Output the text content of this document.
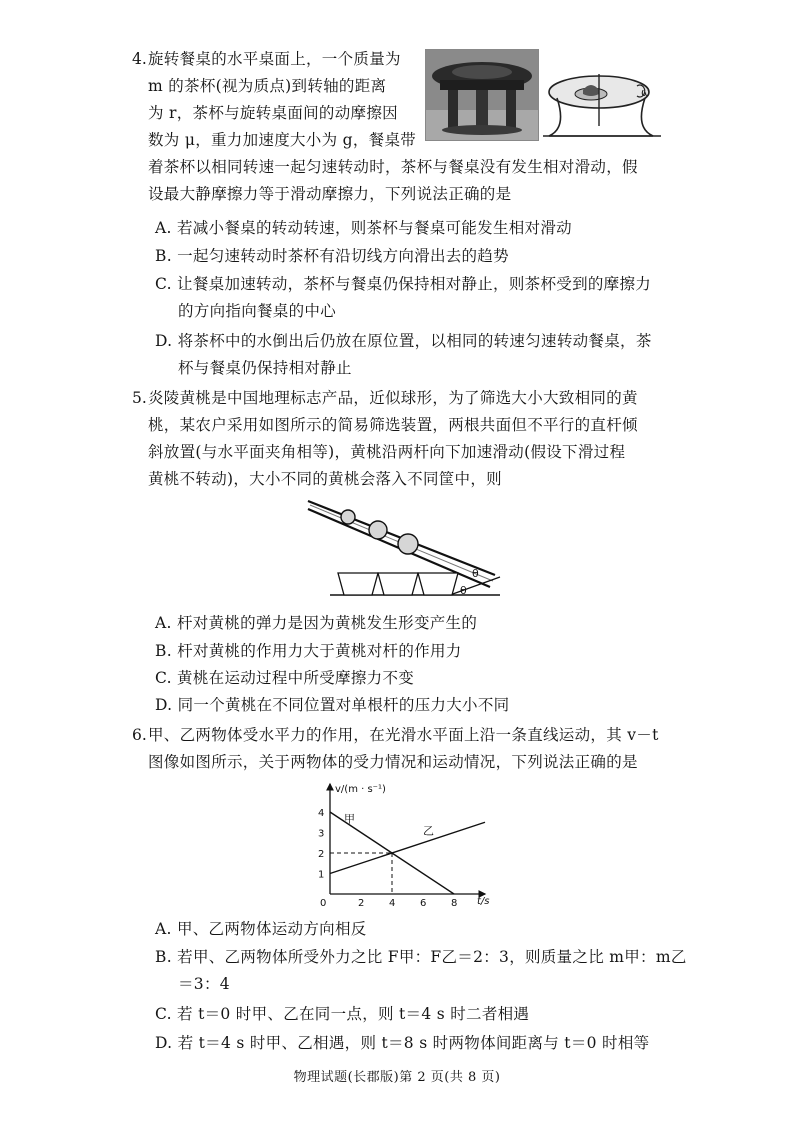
4. 旋转餐桌的水平桌面上，一个质量为
m 的茶杯(视为质点)到转轴的距离
为 r，茶杯与旋转桌面间的动摩擦因
数为 μ，重力加速度大小为 g，餐桌带
着茶杯以相同转速一起匀速转动时，茶杯与餐桌没有发生相对滑动，假
设最大静摩擦力等于滑动摩擦力，下列说法正确的是
ω
A. 若减小餐桌的转动转速，则茶杯与餐桌可能发生相对滑动
B. 一起匀速转动时茶杯有沿切线方向滑出去的趋势
C. 让餐桌加速转动，茶杯与餐桌仍保持相对静止，则茶杯受到的摩擦力
的方向指向餐桌的中心
D. 将茶杯中的水倒出后仍放在原位置，以相同的转速匀速转动餐桌，茶
杯与餐桌仍保持相对静止
5. 炎陵黄桃是中国地理标志产品，近似球形，为了筛选大小大致相同的黄
桃，某农户采用如图所示的简易筛选装置，两根共面但不平行的直杆倾
斜放置(与水平面夹角相等)，黄桃沿两杆向下加速滑动(假设下滑过程
黄桃不转动)，大小不同的黄桃会落入不同筐中，则
θ
θ
A. 杆对黄桃的弹力是因为黄桃发生形变产生的
B. 杆对黄桃的作用力大于黄桃对杆的作用力
C. 黄桃在运动过程中所受摩擦力不变
D. 同一个黄桃在不同位置对单根杆的压力大小不同
6. 甲、乙两物体受水平力的作用，在光滑水平面上沿一条直线运动，其 v－t
图像如图所示，关于两物体的受力情况和运动情况，下列说法正确的是
v/(m · s⁻¹)
t/s
0	2 4 6 8
1
2
3
4 甲
乙
A. 甲、乙两物体运动方向相反
B. 若甲、乙两物体所受外力之比 F甲：F乙＝2：3，则质量之比 m甲：m乙
＝3：4
C. 若 t＝0 时甲、乙在同一点，则 t＝4 s 时二者相遇
D. 若 t＝4 s 时甲、乙相遇，则 t＝8 s 时两物体间距离与 t＝0 时相等
物理试题(长郡版)第 2 页(共 8 页)
